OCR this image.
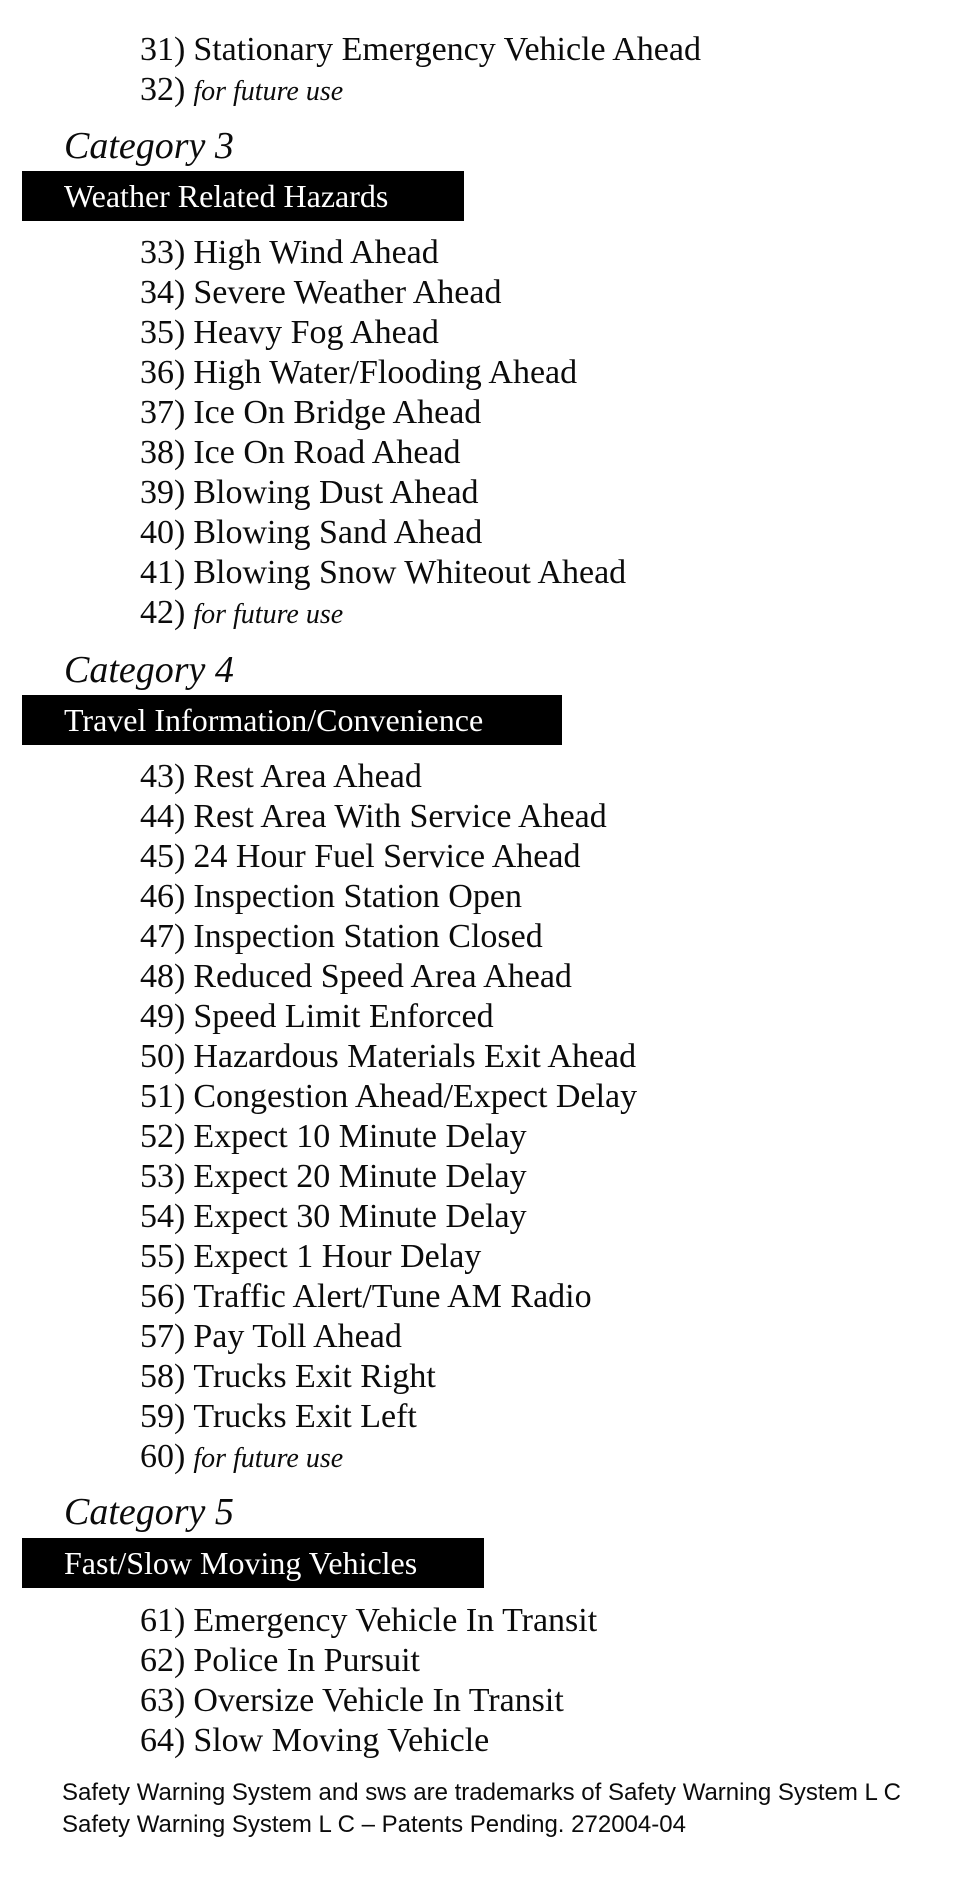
31) Stationary Emergency Vehicle Ahead
32) for future use
Category 3
Weather Related Hazards
33) High Wind Ahead
34) Severe Weather Ahead
35) Heavy Fog Ahead
36) High Water/Flooding Ahead
37) Ice On Bridge Ahead
38) Ice On Road Ahead
39) Blowing Dust Ahead
40) Blowing Sand Ahead
41) Blowing Snow Whiteout Ahead
42) for future use
Category 4
Travel Information/Convenience
43) Rest Area Ahead
44) Rest Area With Service Ahead
45) 24 Hour Fuel Service Ahead
46) Inspection Station Open
47) Inspection Station Closed
48) Reduced Speed Area Ahead
49) Speed Limit Enforced
50) Hazardous Materials Exit Ahead
51) Congestion Ahead/Expect Delay
52) Expect 10 Minute Delay
53) Expect 20 Minute Delay
54) Expect 30 Minute Delay
55) Expect 1 Hour Delay
56) Traffic Alert/Tune AM Radio
57) Pay Toll Ahead
58) Trucks Exit Right
59) Trucks Exit Left
60) for future use
Category 5
Fast/Slow Moving Vehicles
61) Emergency Vehicle In Transit
62) Police In Pursuit
63) Oversize Vehicle In Transit
64) Slow Moving Vehicle
Safety Warning System and sws are trademarks of Safety Warning System L C
Safety Warning System L C – Patents Pending. 272004-04
